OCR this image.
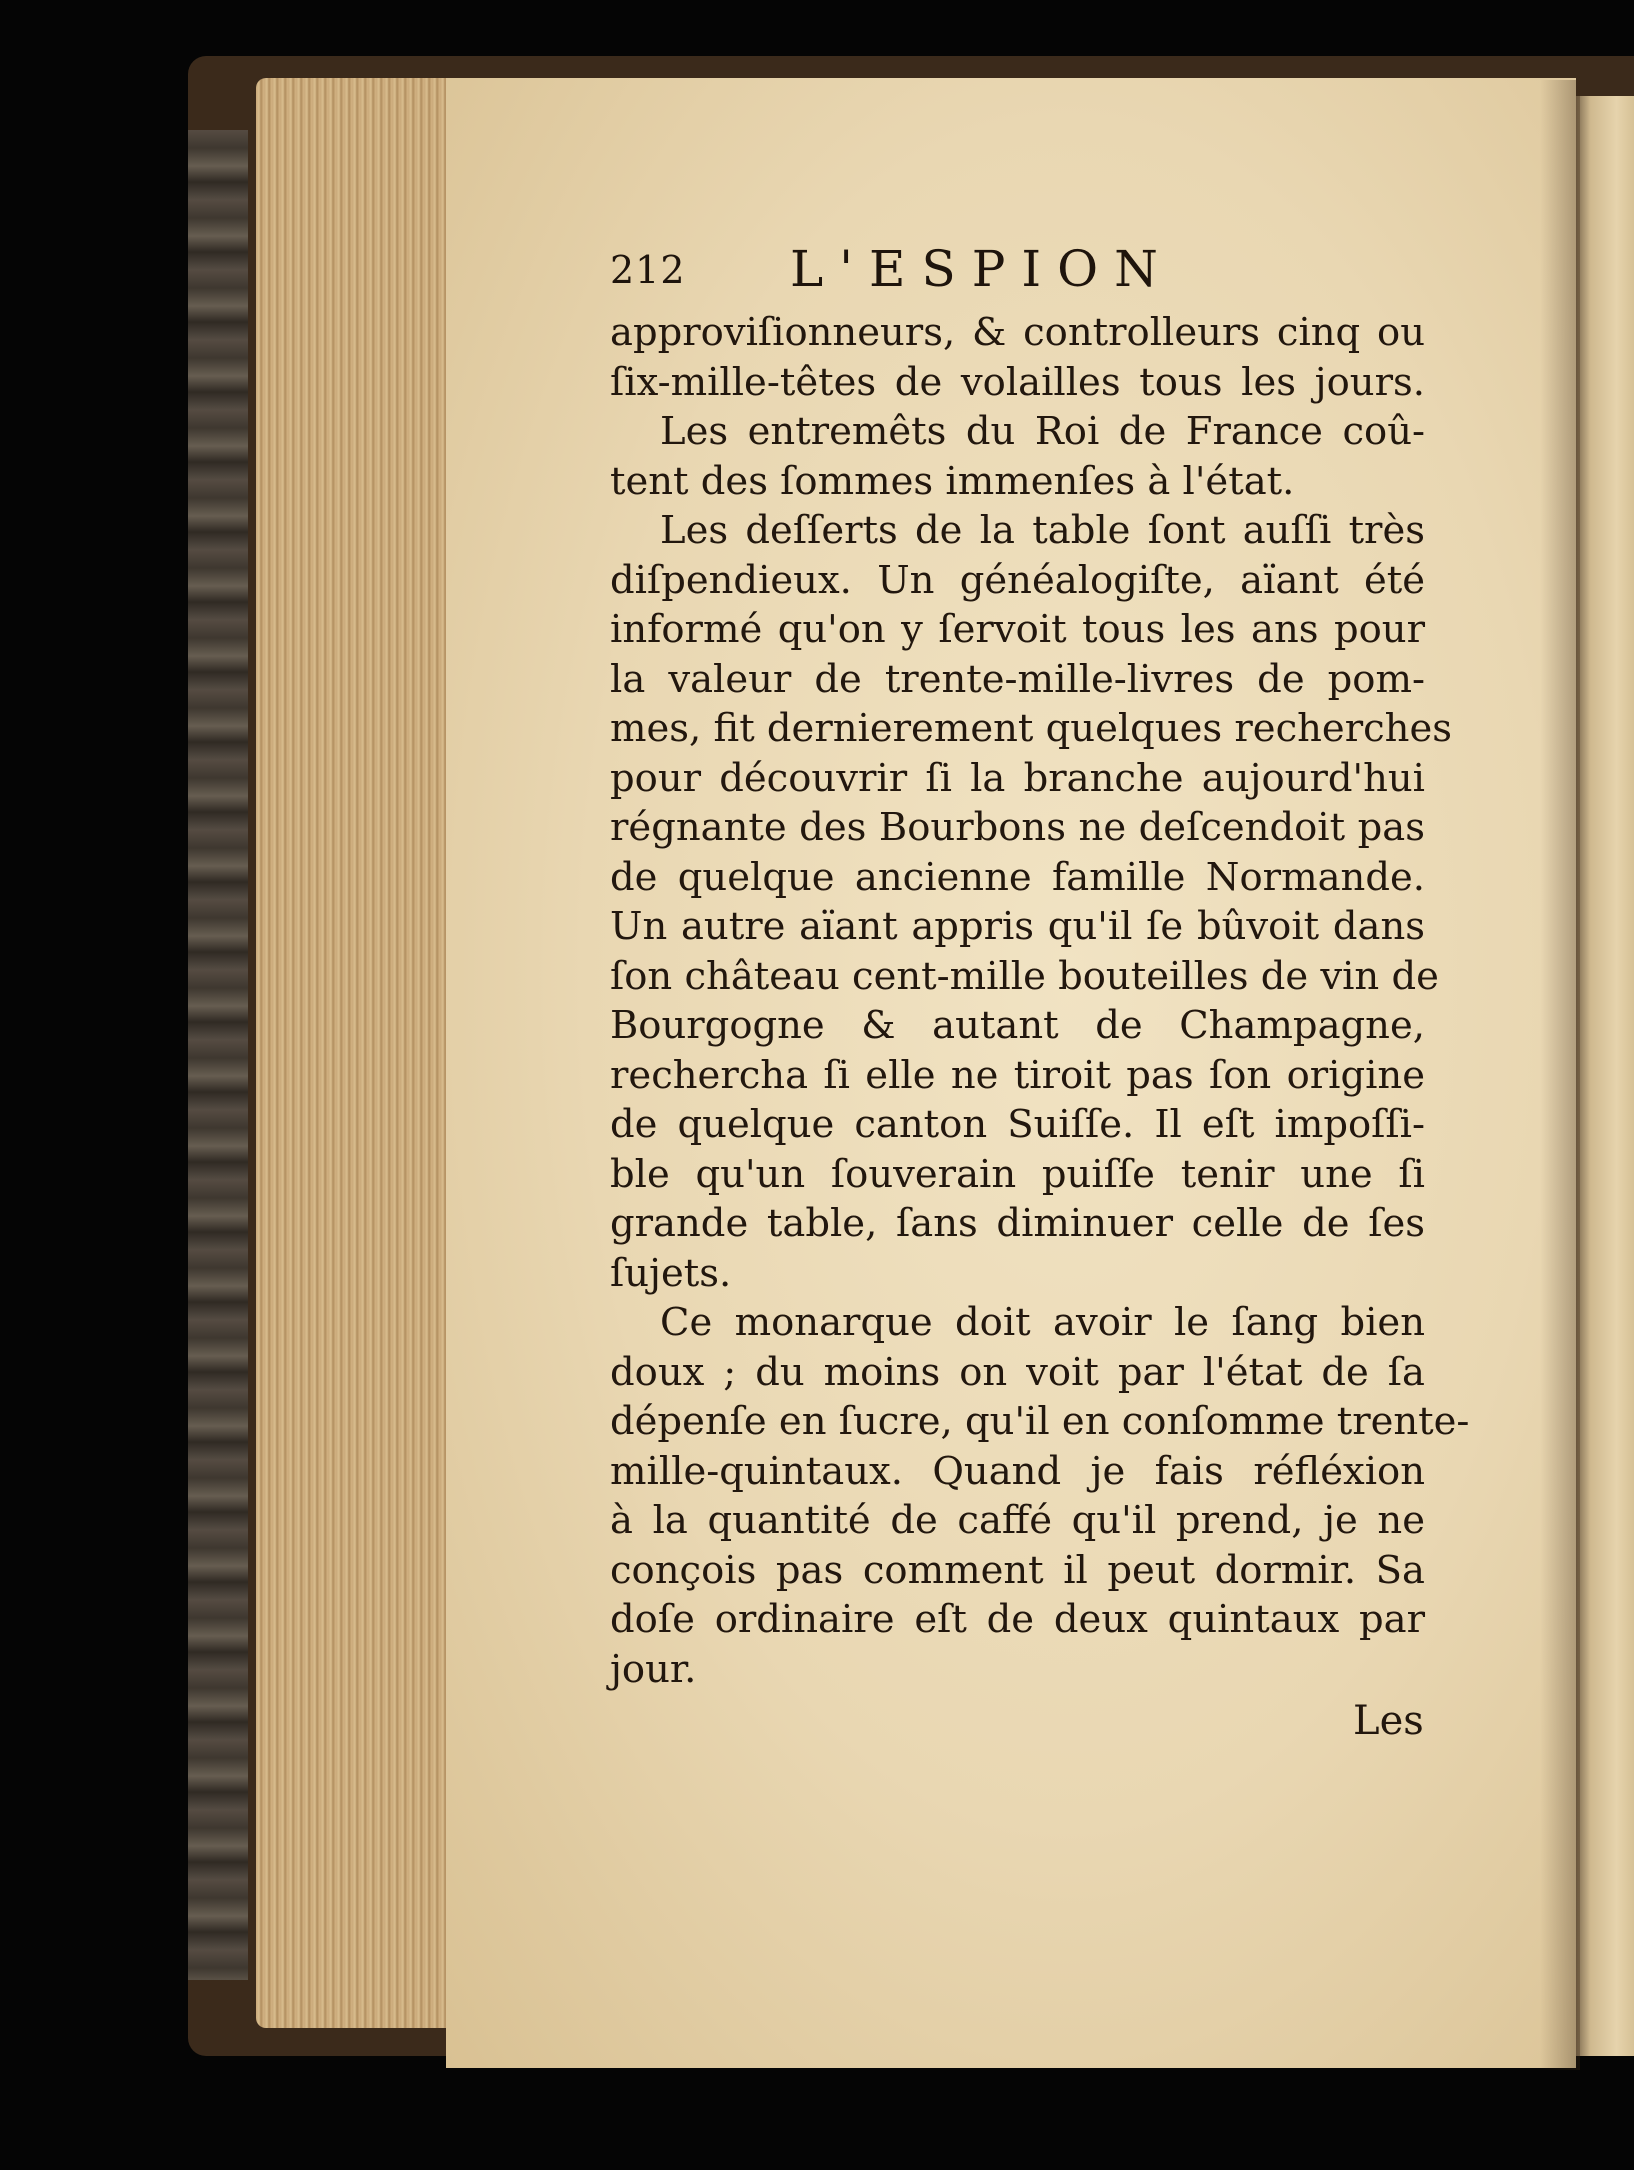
212 L'ESPION
approviſionneurs, & controlleurs cinq ou
ſix-mille-têtes de volailles tous les jours.
Les entremêts du Roi de France coû-
tent des ſommes immenſes à l'état.
Les deſſerts de la table ſont auſſi très
diſpendieux. Un généalogiſte, aïant été
informé qu'on y ſervoit tous les ans pour
la valeur de trente-mille-livres de pom-
mes, fit dernierement quelques recherches
pour découvrir ſi la branche aujourd'hui
régnante des Bourbons ne deſcendoit pas
de quelque ancienne famille Normande.
Un autre aïant appris qu'il ſe bûvoit dans
ſon château cent-mille bouteilles de vin de
Bourgogne & autant de Champagne,
rechercha ſi elle ne tiroit pas ſon origine
de quelque canton Suiſſe. Il eſt impoſſi-
ble qu'un ſouverain puiſſe tenir une ſi
grande table, ſans diminuer celle de ſes
ſujets.
Ce monarque doit avoir le ſang bien
doux ; du moins on voit par l'état de ſa
dépenſe en ſucre, qu'il en conſomme trente-
mille-quintaux. Quand je fais réfléxion
à la quantité de caffé qu'il prend, je ne
conçois pas comment il peut dormir. Sa
doſe ordinaire eſt de deux quintaux par
jour.
Les
